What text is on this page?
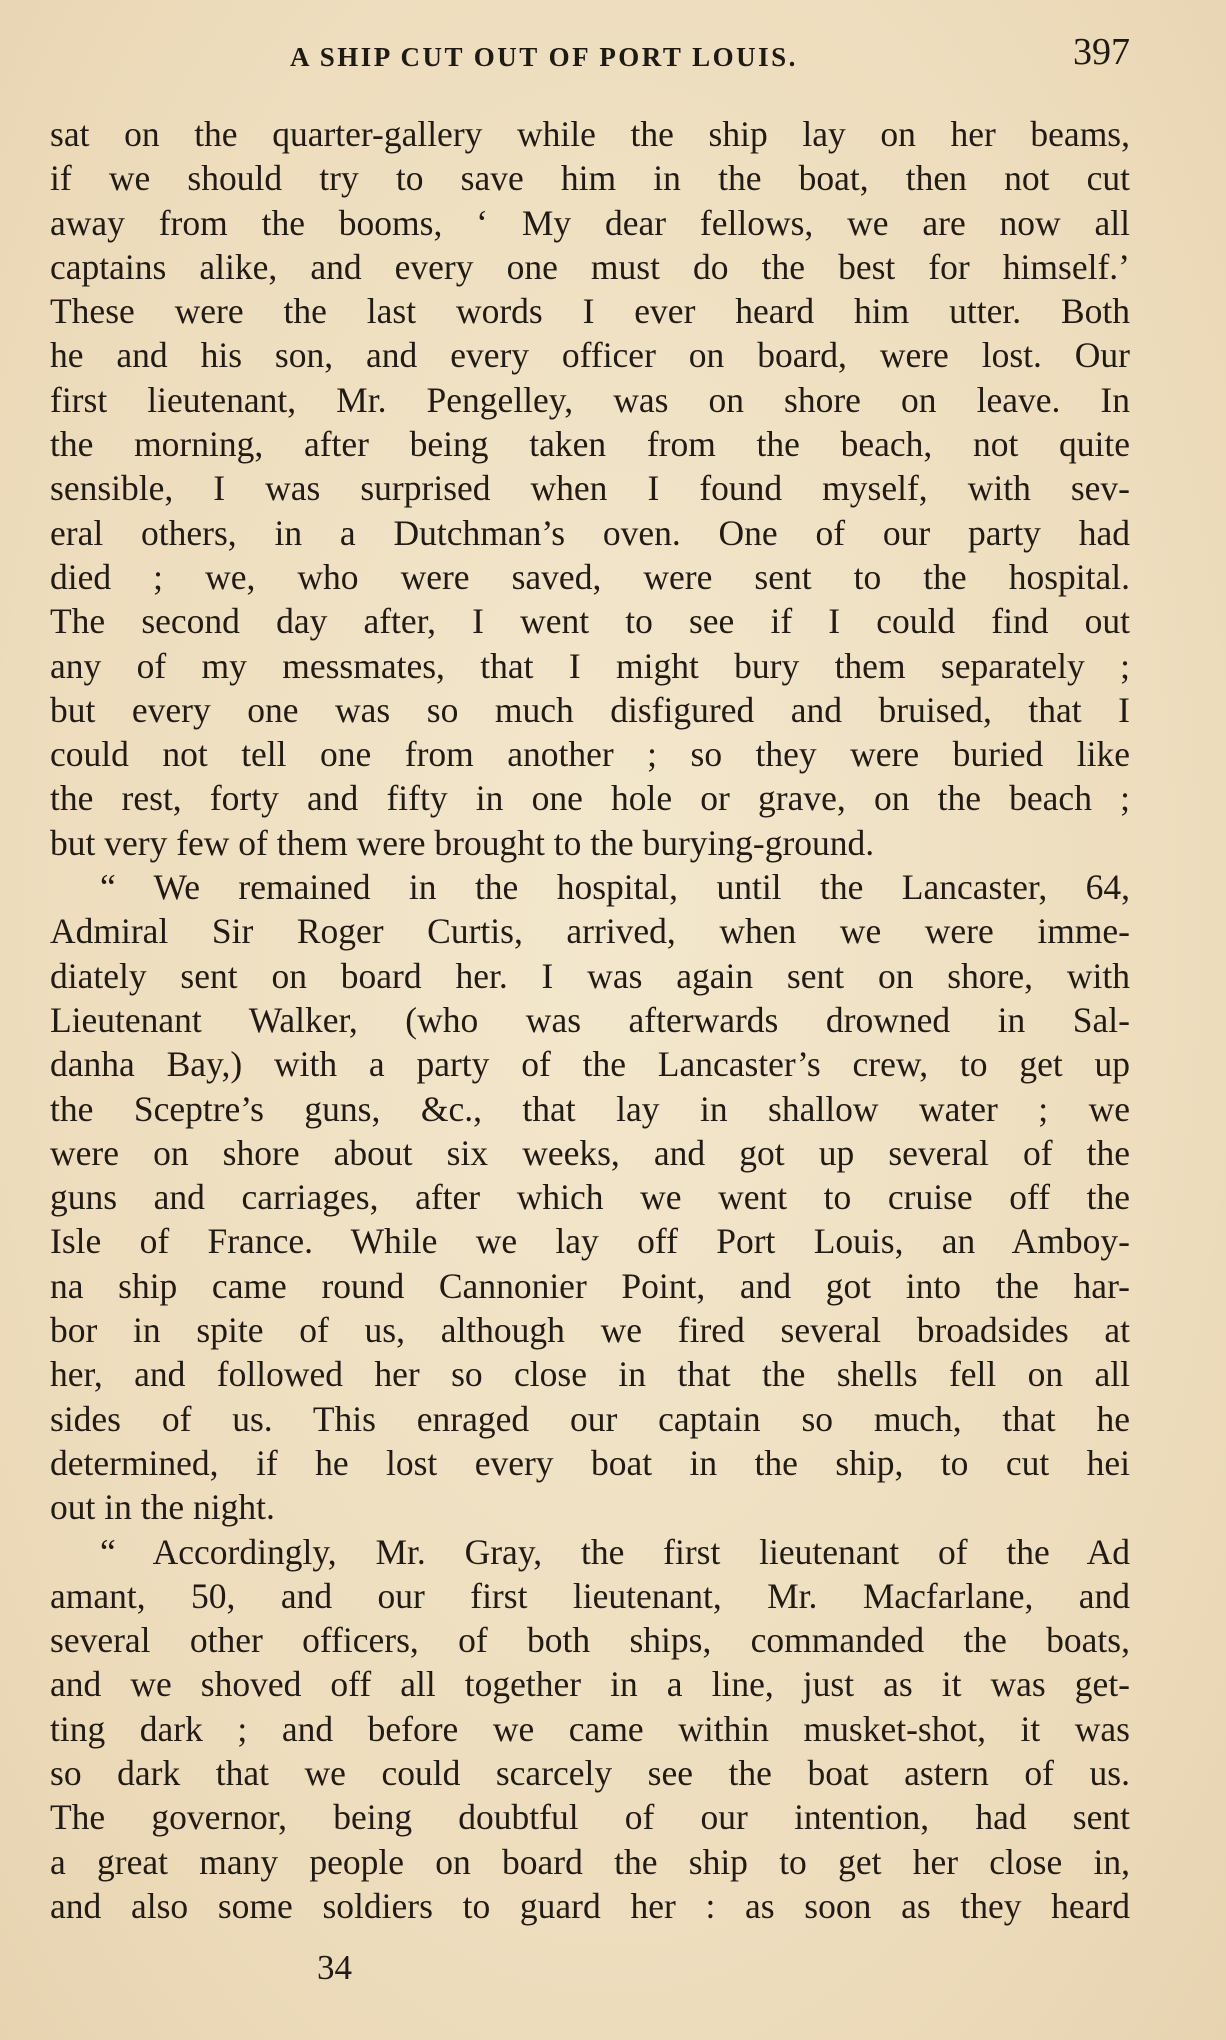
A SHIP CUT OUT OF PORT LOUIS.	397
sat on the quarter-gallery while the ship lay on her beams,
if we should try to save him in the boat, then not cut
away from the booms, ‘ My dear fellows, we are now all
captains alike, and every one must do the best for himself.’
These were the last words I ever heard him utter. Both
he and his son, and every officer on board, were lost. Our
first lieutenant, Mr. Pengelley, was on shore on leave. In
the morning, after being taken from the beach, not quite
sensible, I was surprised when I found myself, with sev-
eral others, in a Dutchman’s oven. One of our party had
died ; we, who were saved, were sent to the hospital.
The second day after, I went to see if I could find out
any of my messmates, that I might bury them separately ;
but every one was so much disfigured and bruised, that I
could not tell one from another ; so they were buried like
the rest, forty and fifty in one hole or grave, on the beach ;
but very few of them were brought to the burying-ground.
“ We remained in the hospital, until the Lancaster, 64,
Admiral Sir Roger Curtis, arrived, when we were imme-
diately sent on board her. I was again sent on shore, with
Lieutenant Walker, (who was afterwards drowned in Sal-
danha Bay,) with a party of the Lancaster’s crew, to get up
the Sceptre’s guns, &c., that lay in shallow water ; we
were on shore about six weeks, and got up several of the
guns and carriages, after which we went to cruise off the
Isle of France. While we lay off Port Louis, an Amboy-
na ship came round Cannonier Point, and got into the har-
bor in spite of us, although we fired several broadsides at
her, and followed her so close in that the shells fell on all
sides of us. This enraged our captain so much, that he
determined, if he lost every boat in the ship, to cut hei
out in the night.
“ Accordingly, Mr. Gray, the first lieutenant of the Ad
amant, 50, and our first lieutenant, Mr. Macfarlane, and
several other officers, of both ships, commanded the boats,
and we shoved off all together in a line, just as it was get-
ting dark ; and before we came within musket-shot, it was
so dark that we could scarcely see the boat astern of us.
The governor, being doubtful of our intention, had sent
a great many people on board the ship to get her close in,
and also some soldiers to guard her : as soon as they heard
34
